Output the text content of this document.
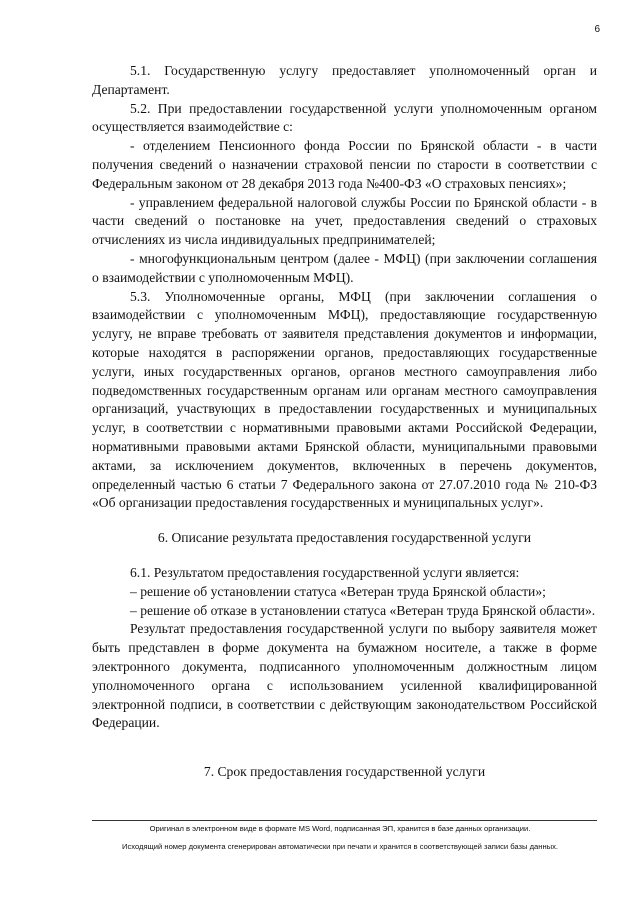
6

5.1. Государственную услугу предоставляет уполномоченный орган и Департамент.

5.2. При предоставлении государственной услуги уполномоченным органом осуществляется взаимодействие с:

- отделением Пенсионного фонда России по Брянской области - в части получения сведений о назначении страховой пенсии по старости в соответствии с Федеральным законом от 28 декабря 2013 года №400-ФЗ «О страховых пенсиях»;

- управлением федеральной налоговой службы России по Брянской области - в части сведений о постановке на учет, предоставления сведений о страховых отчислениях из числа индивидуальных предпринимателей;

- многофункциональным центром (далее - МФЦ) (при заключении соглашения о взаимодействии с уполномоченным МФЦ).

5.3. Уполномоченные органы, МФЦ (при заключении соглашения о взаимодействии с уполномоченным МФЦ), предоставляющие государственную услугу, не вправе требовать от заявителя представления документов и информации, которые находятся в распоряжении органов, предоставляющих государственные услуги, иных государственных органов, органов местного самоуправления либо подведомственных государственным органам или органам местного самоуправления организаций, участвующих в предоставлении государственных и муниципальных услуг, в соответствии с нормативными правовыми актами Российской Федерации, нормативными правовыми актами Брянской области, муниципальными правовыми актами, за исключением документов, включенных в перечень документов, определенный частью 6 статьи 7 Федерального закона от 27.07.2010 года № 210-ФЗ «Об организации предоставления государственных и муниципальных услуг».

6. Описание результата предоставления государственной услуги

6.1. Результатом предоставления государственной услуги является:

– решение об установлении статуса «Ветеран труда Брянской области»;

– решение об отказе в установлении статуса «Ветеран труда Брянской области».

Результат предоставления государственной услуги по выбору заявителя может быть представлен в форме документа на бумажном носителе, а также в форме электронного документа, подписанного уполномоченным должностным лицом уполномоченного органа с использованием усиленной квалифицированной электронной подписи, в соответствии с действующим законодательством Российской Федерации.

7. Срок предоставления государственной услуги

Оригинал в электронном виде в формате MS Word, подписанная ЭП, хранится в базе данных организации.
Исходящий номер документа сгенерирован автоматически при печати и хранится в соответствующей записи базы данных.
